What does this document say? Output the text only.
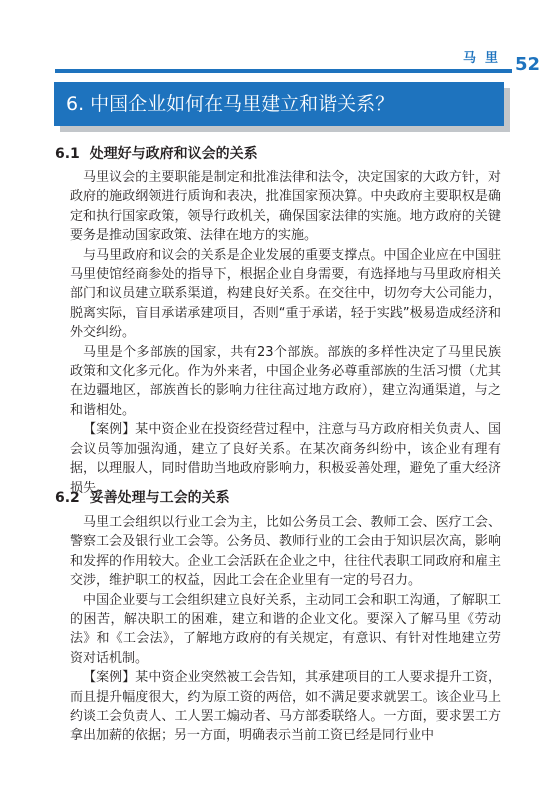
马里 52
6. 中国企业如何在马里建立和谐关系？
6.1 处理好与政府和议会的关系

马里议会的主要职能是制定和批准法律和法令，决定国家的大政方针，对政府的施政纲领进行质询和表决，批准国家预决算。中央政府主要职权是确定和执行国家政策，领导行政机关，确保国家法律的实施。地方政府的关键要务是推动国家政策、法律在地方的实施。

与马里政府和议会的关系是企业发展的重要支撑点。中国企业应在中国驻马里使馆经商参处的指导下，根据企业自身需要，有选择地与马里政府相关部门和议员建立联系渠道，构建良好关系。在交往中，切勿夸大公司能力，脱离实际，盲目承诺承建项目，否则“重于承诺，轻于实践”极易造成经济和外交纠纷。

马里是个多部族的国家，共有23个部族。部族的多样性决定了马里民族政策和文化多元化。作为外来者，中国企业务必尊重部族的生活习惯（尤其在边疆地区，部族酋长的影响力往往高过地方政府），建立沟通渠道，与之和谐相处。

【案例】某中资企业在投资经营过程中，注意与马方政府相关负责人、国会议员等加强沟通，建立了良好关系。在某次商务纠纷中，该企业有理有据，以理服人，同时借助当地政府影响力，积极妥善处理，避免了重大经济损失。

6.2 妥善处理与工会的关系

马里工会组织以行业工会为主，比如公务员工会、教师工会、医疗工会、警察工会及银行业工会等。公务员、教师行业的工会由于知识层次高，影响和发挥的作用较大。企业工会活跃在企业之中，往往代表职工同政府和雇主交涉，维护职工的权益，因此工会在企业里有一定的号召力。

中国企业要与工会组织建立良好关系，主动同工会和职工沟通，了解职工的困苦，解决职工的困难，建立和谐的企业文化。要深入了解马里《劳动法》和《工会法》，了解地方政府的有关规定，有意识、有针对性地建立劳资对话机制。

【案例】某中资企业突然被工会告知，其承建项目的工人要求提升工资，而且提升幅度很大，约为原工资的两倍，如不满足要求就罢工。该企业马上约谈工会负责人、工人罢工煽动者、马方部委联络人。一方面，要求罢工方拿出加薪的依据；另一方面，明确表示当前工资已经是同行业中
